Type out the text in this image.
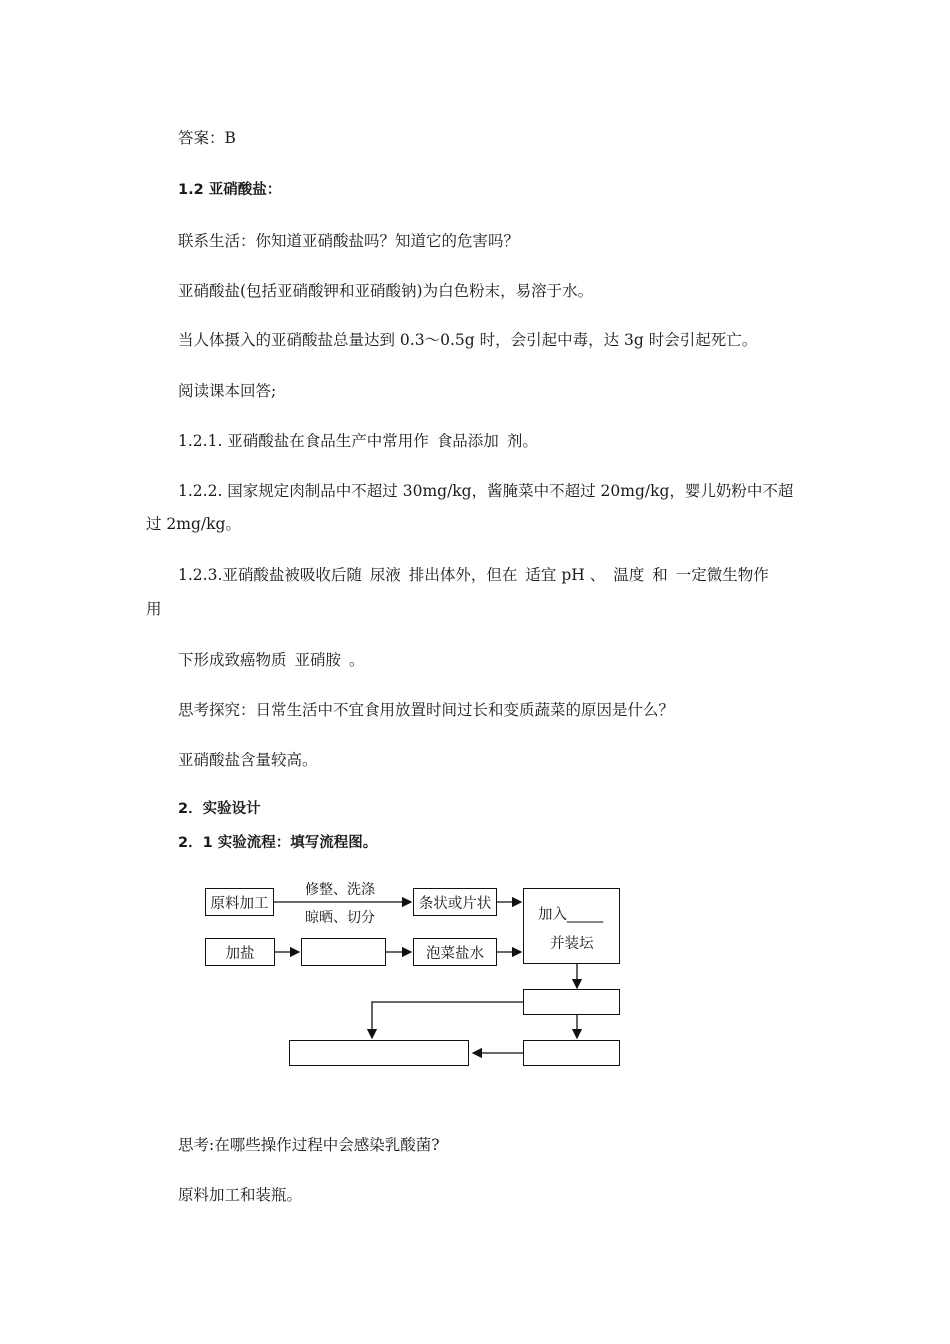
答案：B
1.2 亚硝酸盐：
联系生活：你知道亚硝酸盐吗？知道它的危害吗？
亚硝酸盐(包括亚硝酸钾和亚硝酸钠)为白色粉末，易溶于水。
当人体摄入的亚硝酸盐总量达到 0.3～0.5g 时，会引起中毒，达 3g 时会引起死亡。
阅读课本回答;
1.2.1. 亚硝酸盐在食品生产中常用作 食品添加 剂。
1.2.2. 国家规定肉制品中不超过 30mg/kg，酱腌菜中不超过 20mg/kg，婴儿奶粉中不超
过 2mg/kg。
1.2.3.亚硝酸盐被吸收后随 尿液 排出体外，但在 适宜 pH 、 温度 和 一定微生物作
用
下形成致癌物质 亚硝胺 。
思考探究：日常生活中不宜食用放置时间过长和变质蔬菜的原因是什么？
亚硝酸盐含量较高。
2．实验设计
2．1 实验流程：填写流程图。
原料加工
修整、洗涤
晾晒、切分
条状或片状
加入_____
并装坛
加盐	泡菜盐水
思考:在哪些操作过程中会感染乳酸菌?
原料加工和装瓶。
